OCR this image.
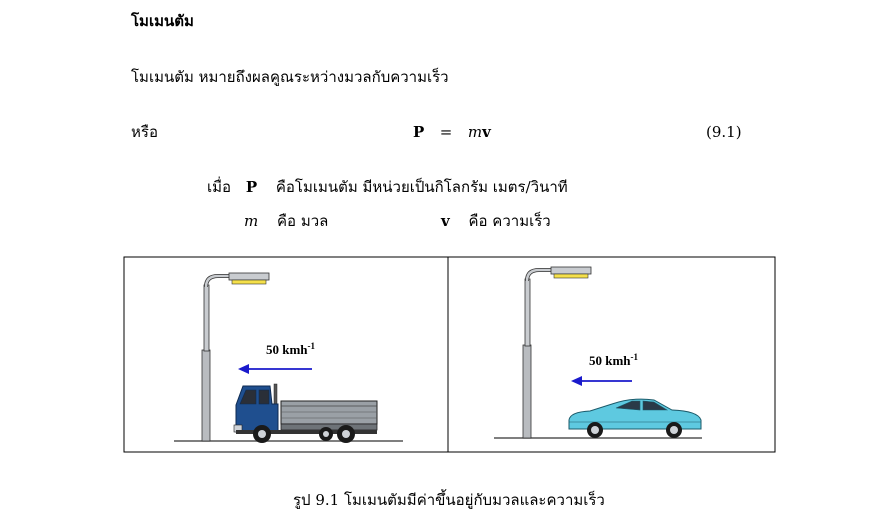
โมเมนตัม
โมเมนตัม หมายถึงผลคูณระหว่างมวลกับความเร็ว
หรือ	P = mv	(9.1)
เมื่อ P คือโมเมนตัม มีหน่วยเป็นกิโลกรัม เมตร/วินาที
m คือ มวล	v คือ ความเร็ว
50 kmh$^{-1}$
50 kmh$^{-1}$
รูป 9.1 โมเมนตัมมีค่าขึ้นอยู่กับมวลและความเร็ว
